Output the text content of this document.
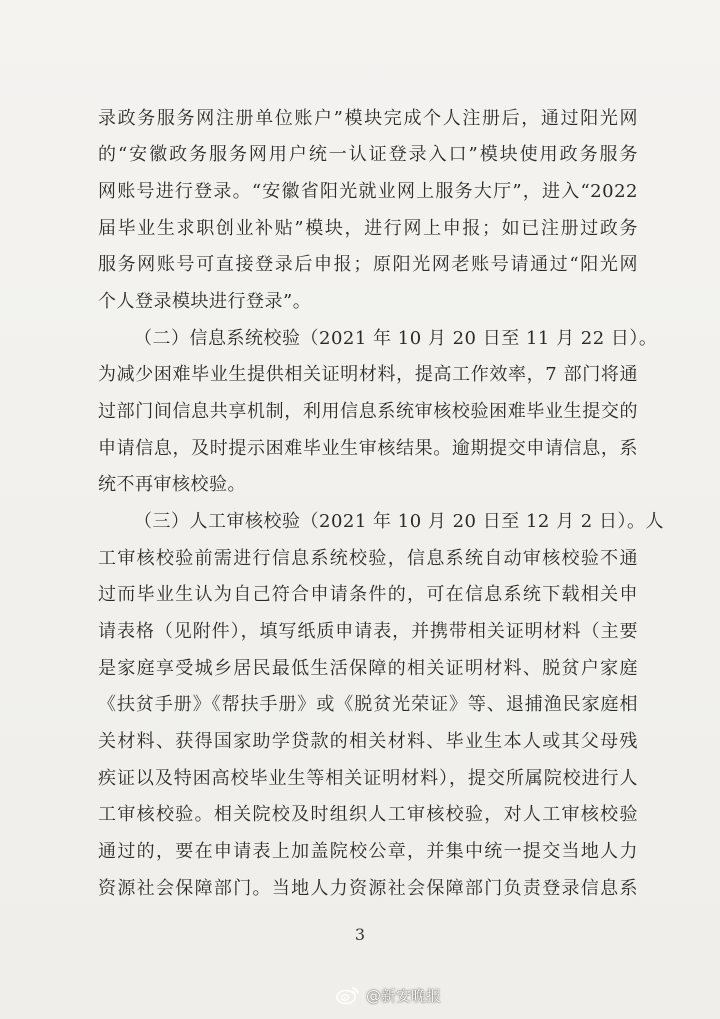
录政务服务网注册单位账户”模块完成个人注册后，通过阳光网
的“安徽政务服务网用户统一认证登录入口”模块使用政务服务
网账号进行登录。“安徽省阳光就业网上服务大厅”，进入“2022
届毕业生求职创业补贴”模块，进行网上申报；如已注册过政务
服务网账号可直接登录后申报；原阳光网老账号请通过“阳光网
个人登录模块进行登录”。
（二）信息系统校验（2021 年 10 月 20 日至 11 月 22 日）。
为减少困难毕业生提供相关证明材料，提高工作效率，7 部门将通
过部门间信息共享机制，利用信息系统审核校验困难毕业生提交的
申请信息，及时提示困难毕业生审核结果。逾期提交申请信息，系
统不再审核校验。
（三）人工审核校验（2021 年 10 月 20 日至 12 月 2 日）。人
工审核校验前需进行信息系统校验，信息系统自动审核校验不通
过而毕业生认为自己符合申请条件的，可在信息系统下载相关申
请表格（见附件），填写纸质申请表，并携带相关证明材料（主要
是家庭享受城乡居民最低生活保障的相关证明材料、脱贫户家庭
《扶贫手册》《帮扶手册》或《脱贫光荣证》等、退捕渔民家庭相
关材料、获得国家助学贷款的相关材料、毕业生本人或其父母残
疾证以及特困高校毕业生等相关证明材料），提交所属院校进行人
工审核校验。相关院校及时组织人工审核校验，对人工审核校验
通过的，要在申请表上加盖院校公章，并集中统一提交当地人力
资源社会保障部门。当地人力资源社会保障部门负责登录信息系
3
@新安晚报
